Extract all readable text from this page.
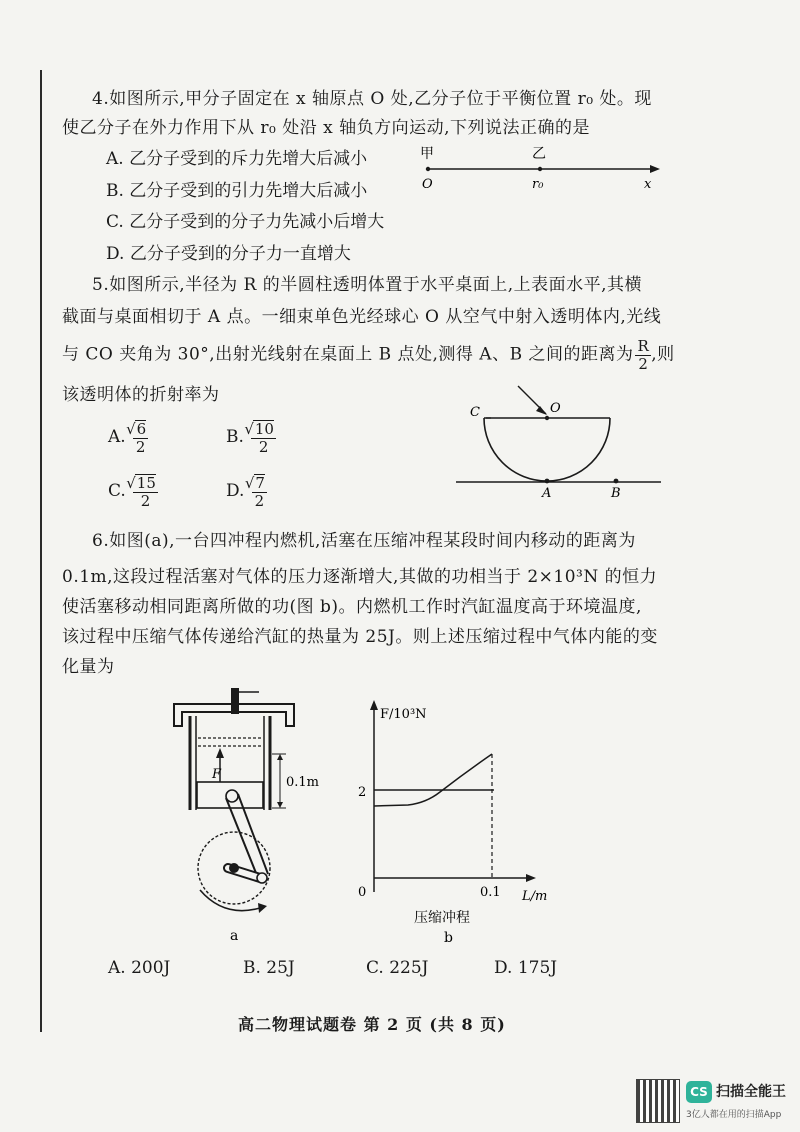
4.如图所示,甲分子固定在 x 轴原点 O 处,乙分子位于平衡位置 r₀ 处。现
使乙分子在外力作用下从 r₀ 处沿 x 轴负方向运动,下列说法正确的是
A. 乙分子受到的斥力先增大后减小
B. 乙分子受到的引力先增大后减小
C. 乙分子受到的分子力先减小后增大
D. 乙分子受到的分子力一直增大
甲	乙
O	r₀	x
5.如图所示,半径为 R 的半圆柱透明体置于水平桌面上,上表面水平,其横
截面与桌面相切于 A 点。一细束单色光经球心 O 从空气中射入透明体内,光线
与 CO 夹角为 30°,出射光线射在桌面上 B 点处,测得 A、B 之间的距离为 $\frac{R}{2}$ ,则
该透明体的折射率为
A. √ $\frac{6}{2}$	B. √ $\frac{10}{2}$
C. √ $\frac{15}{2}$	D. √ $\frac{7}{2}$
C	O
A	B
6.如图(a),一台四冲程内燃机,活塞在压缩冲程某段时间内移动的距离为
0.1m,这段过程活塞对气体的压力逐渐增大,其做的功相当于 2×10³N 的恒力
使活塞移动相同距离所做的功(图 b)。内燃机工作时汽缸温度高于环境温度,
该过程中压缩气体传递给汽缸的热量为 25J。则上述压缩过程中气体内能的变
化量为
F
0.1m
a
F/10³N
L/m
0
2
0.1
压缩冲程
b
A. 200J	B. 25J	C. 225J	D. 175J
高二物理试题卷 第 2 页 (共 8 页)
CS 扫描全能王
3亿人都在用的扫描App
